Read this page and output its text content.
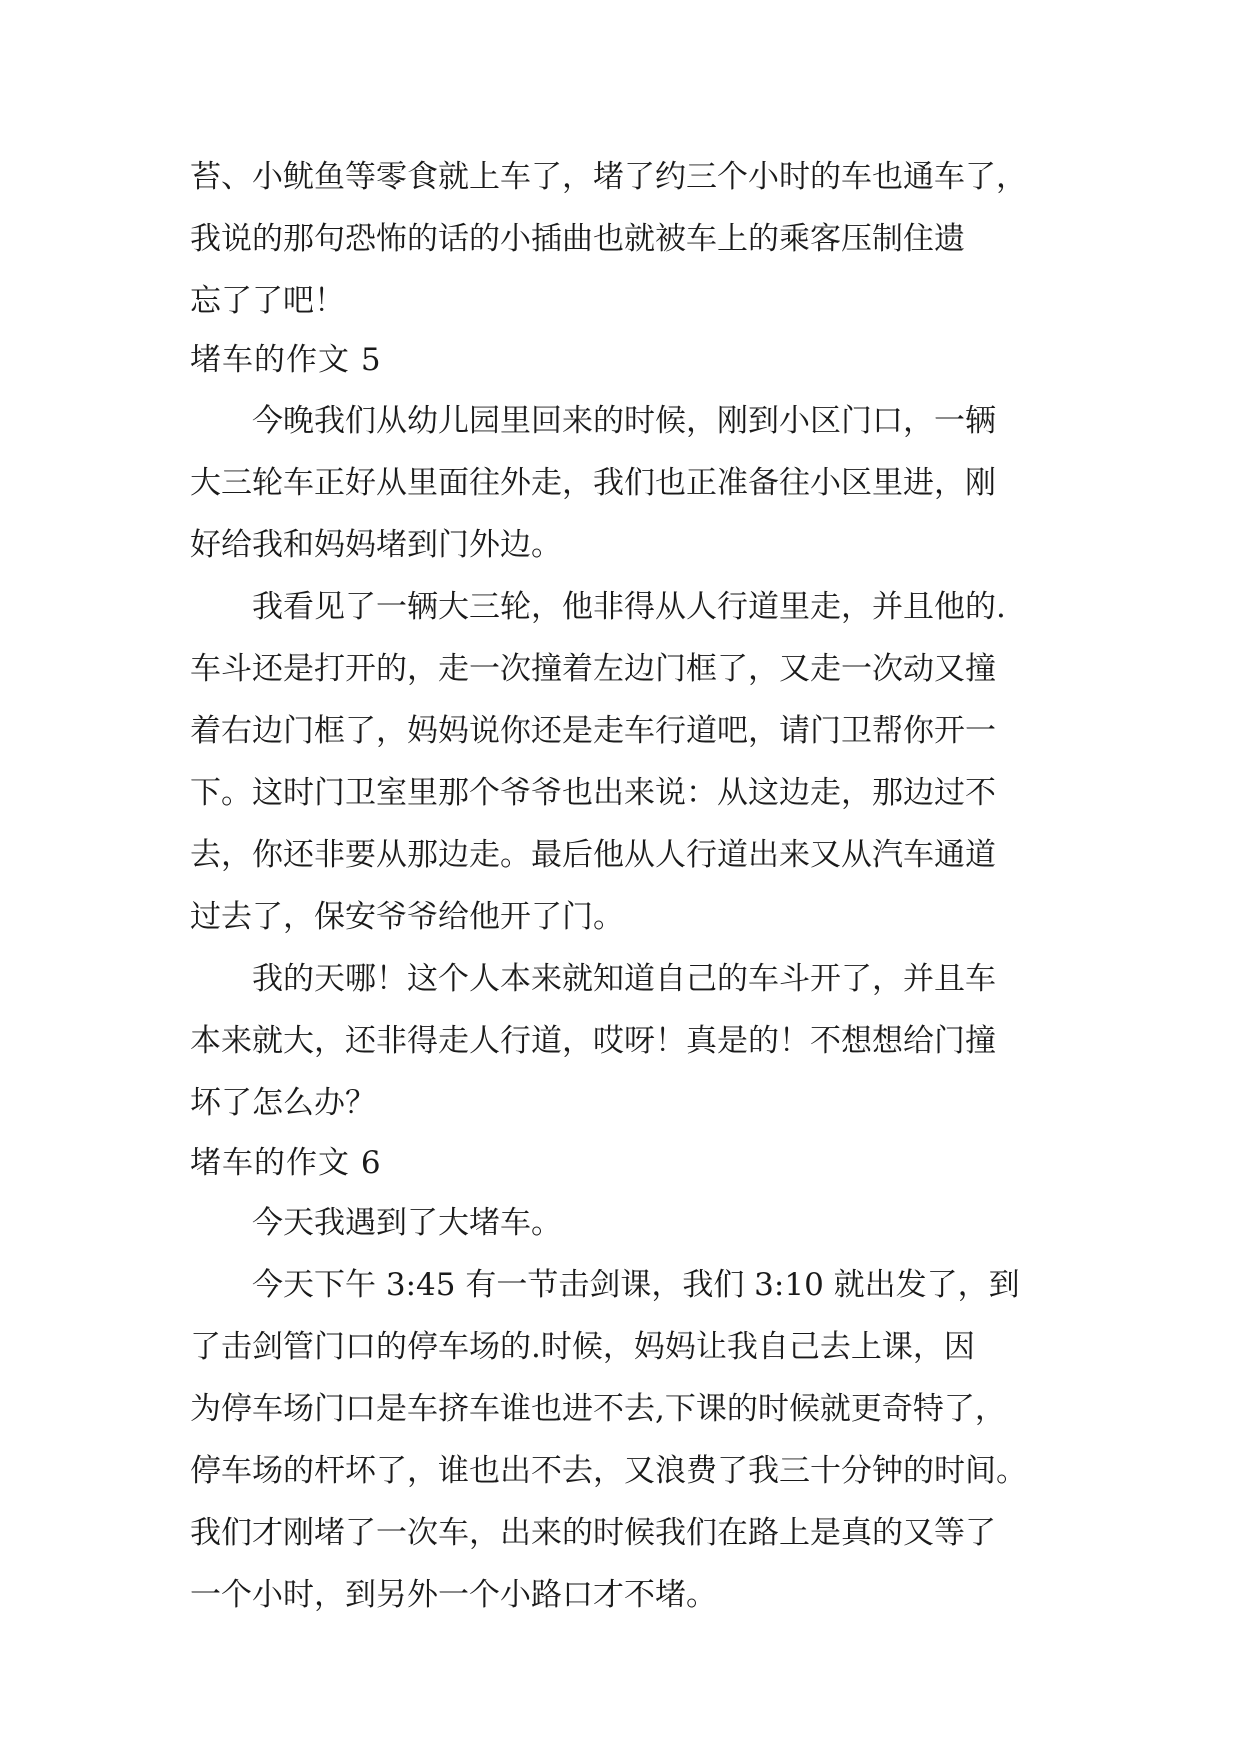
苔、小鱿鱼等零食就上车了，堵了约三个小时的车也通车了，
我说的那句恐怖的话的小插曲也就被车上的乘客压制住遗
忘了了吧！
堵车的作文 5
今晚我们从幼儿园里回来的时候，刚到小区门口，一辆
大三轮车正好从里面往外走，我们也正准备往小区里进，刚
好给我和妈妈堵到门外边。
我看见了一辆大三轮，他非得从人行道里走，并且他的.
车斗还是打开的，走一次撞着左边门框了，又走一次动又撞
着右边门框了，妈妈说你还是走车行道吧，请门卫帮你开一
下。这时门卫室里那个爷爷也出来说：从这边走，那边过不
去，你还非要从那边走。最后他从人行道出来又从汽车通道
过去了，保安爷爷给他开了门。
我的天哪！这个人本来就知道自己的车斗开了，并且车
本来就大，还非得走人行道，哎呀！真是的！不想想给门撞
坏了怎么办？
堵车的作文 6
今天我遇到了大堵车。
今天下午 3:45 有一节击剑课，我们 3:10 就出发了，到
了击剑管门口的停车场的.时候，妈妈让我自己去上课，因
为停车场门口是车挤车谁也进不去,下课的时候就更奇特了，
停车场的杆坏了，谁也出不去，又浪费了我三十分钟的时间。
我们才刚堵了一次车，出来的时候我们在路上是真的又等了
一个小时，到另外一个小路口才不堵。
